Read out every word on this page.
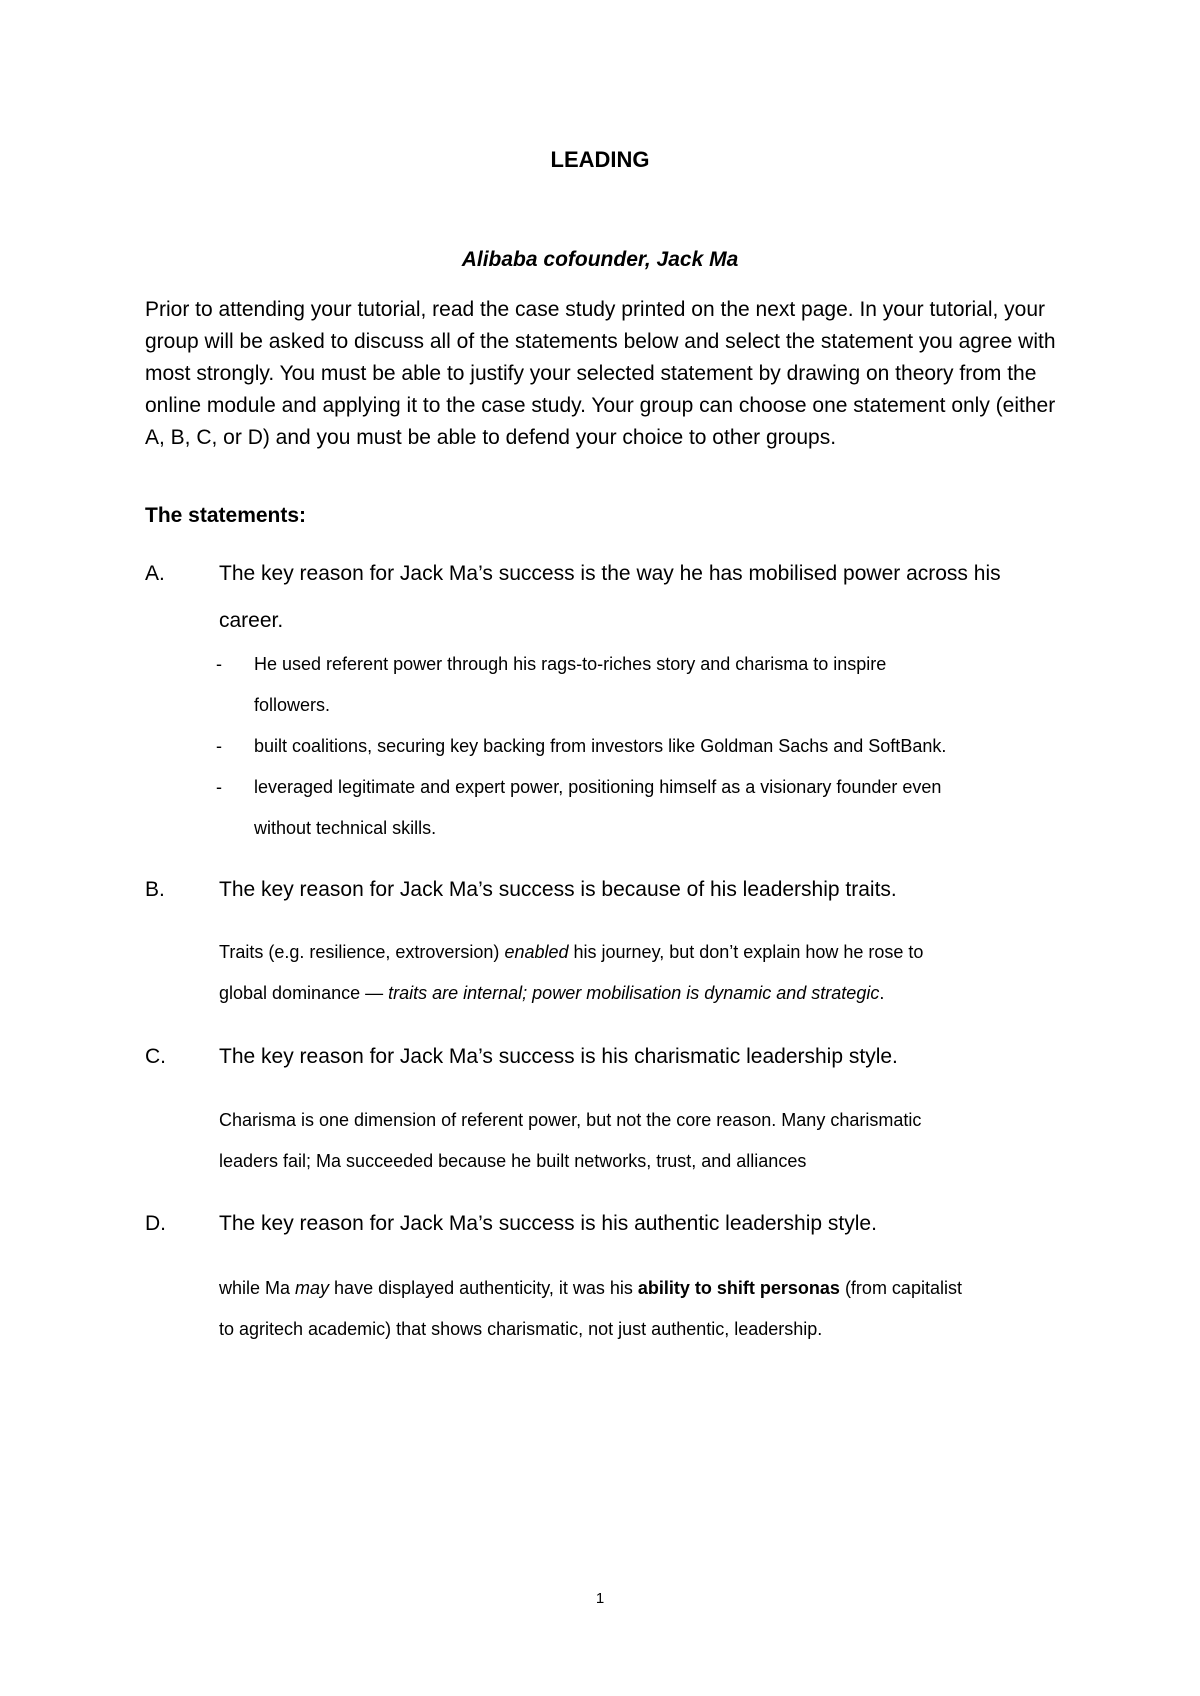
LEADING
Alibaba cofounder, Jack Ma

Prior to attending your tutorial, read the case study printed on the next page. In your tutorial, your group will be asked to discuss all of the statements below and select the statement you agree with most strongly. You must be able to justify your selected statement by drawing on theory from the online module and applying it to the case study. Your group can choose one statement only (either A, B, C, or D) and you must be able to defend your choice to other groups.

The statements:
A.	The key reason for Jack Ma’s success is the way he has mobilised power across his
career.
- He used referent power through his rags-to-riches story and charisma to inspire
followers.
- built coalitions, securing key backing from investors like Goldman Sachs and SoftBank.
- leveraged legitimate and expert power, positioning himself as a visionary founder even
without technical skills.
B.	The key reason for Jack Ma’s success is because of his leadership traits.
Traits (e.g. resilience, extroversion) enabled his journey, but don’t explain how he rose to
global dominance — traits are internal; power mobilisation is dynamic and strategic.
C.	The key reason for Jack Ma’s success is his charismatic leadership style.
Charisma is one dimension of referent power, but not the core reason. Many charismatic
leaders fail; Ma succeeded because he built networks, trust, and alliances
D.	The key reason for Jack Ma’s success is his authentic leadership style.
while Ma may have displayed authenticity, it was his ability to shift personas (from capitalist
to agritech academic) that shows charismatic, not just authentic, leadership.
1
